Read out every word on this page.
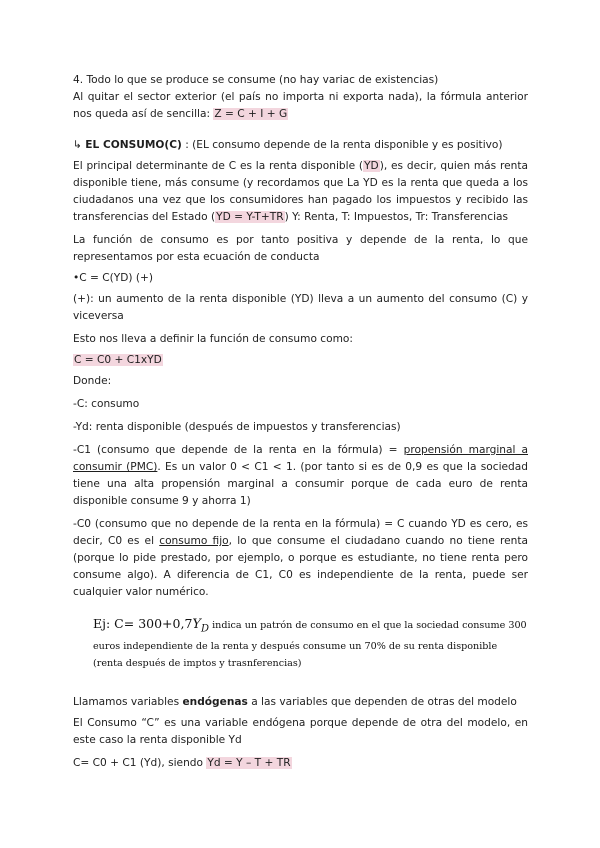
4. Todo lo que se produce se consume (no hay variac de existencias)

Al quitar el sector exterior (el país no importa ni exporta nada), la fórmula anterior nos queda así de sencilla: Z = C + I + G

↳ EL CONSUMO(C) : (EL consumo depende de la renta disponible y es positivo)

El principal determinante de C es la renta disponible (YD), es decir, quien más renta disponible tiene, más consume (y recordamos que La YD es la renta que queda a los ciudadanos una vez que los consumidores han pagado los impuestos y recibido las transferencias del Estado (YD = Y-T+TR) Y: Renta, T: Impuestos, Tr: Transferencias

La función de consumo es por tanto positiva y depende de la renta, lo que representamos por esta ecuación de conducta

•C = C(YD) (+)

(+): un aumento de la renta disponible (YD) lleva a un aumento del consumo (C) y viceversa

Esto nos lleva a definir la función de consumo como:

C = C0 + C1xYD

Donde:

-C: consumo

-Yd: renta disponible (después de impuestos y transferencias)

-C1 (consumo que depende de la renta en la fórmula) = propensión marginal a consumir (PMC). Es un valor 0 < C1 < 1. (por tanto si es de 0,9 es que la sociedad tiene una alta propensión marginal a consumir porque de cada euro de renta disponible consume 9 y ahorra 1)

-C0 (consumo que no depende de la renta en la fórmula) = C cuando YD es cero, es decir, C0 es el consumo fijo, lo que consume el ciudadano cuando no tiene renta (porque lo pide prestado, por ejemplo, o porque es estudiante, no tiene renta pero consume algo). A diferencia de C1, C0 es independiente de la renta, puede ser cualquier valor numérico.

Ej: $C= 300+0,7Y_D$ indica un patrón de consumo en el que la sociedad consume 300 euros independiente de la renta y después consume un 70% de su renta disponible (renta después de imptos y trasnferencias)

Llamamos variables endógenas a las variables que dependen de otras del modelo

El Consumo “C” es una variable endógena porque depende de otra del modelo, en este caso la renta disponible Yd

C= C0 + C1 (Yd), siendo Yd = Y – T + TR
